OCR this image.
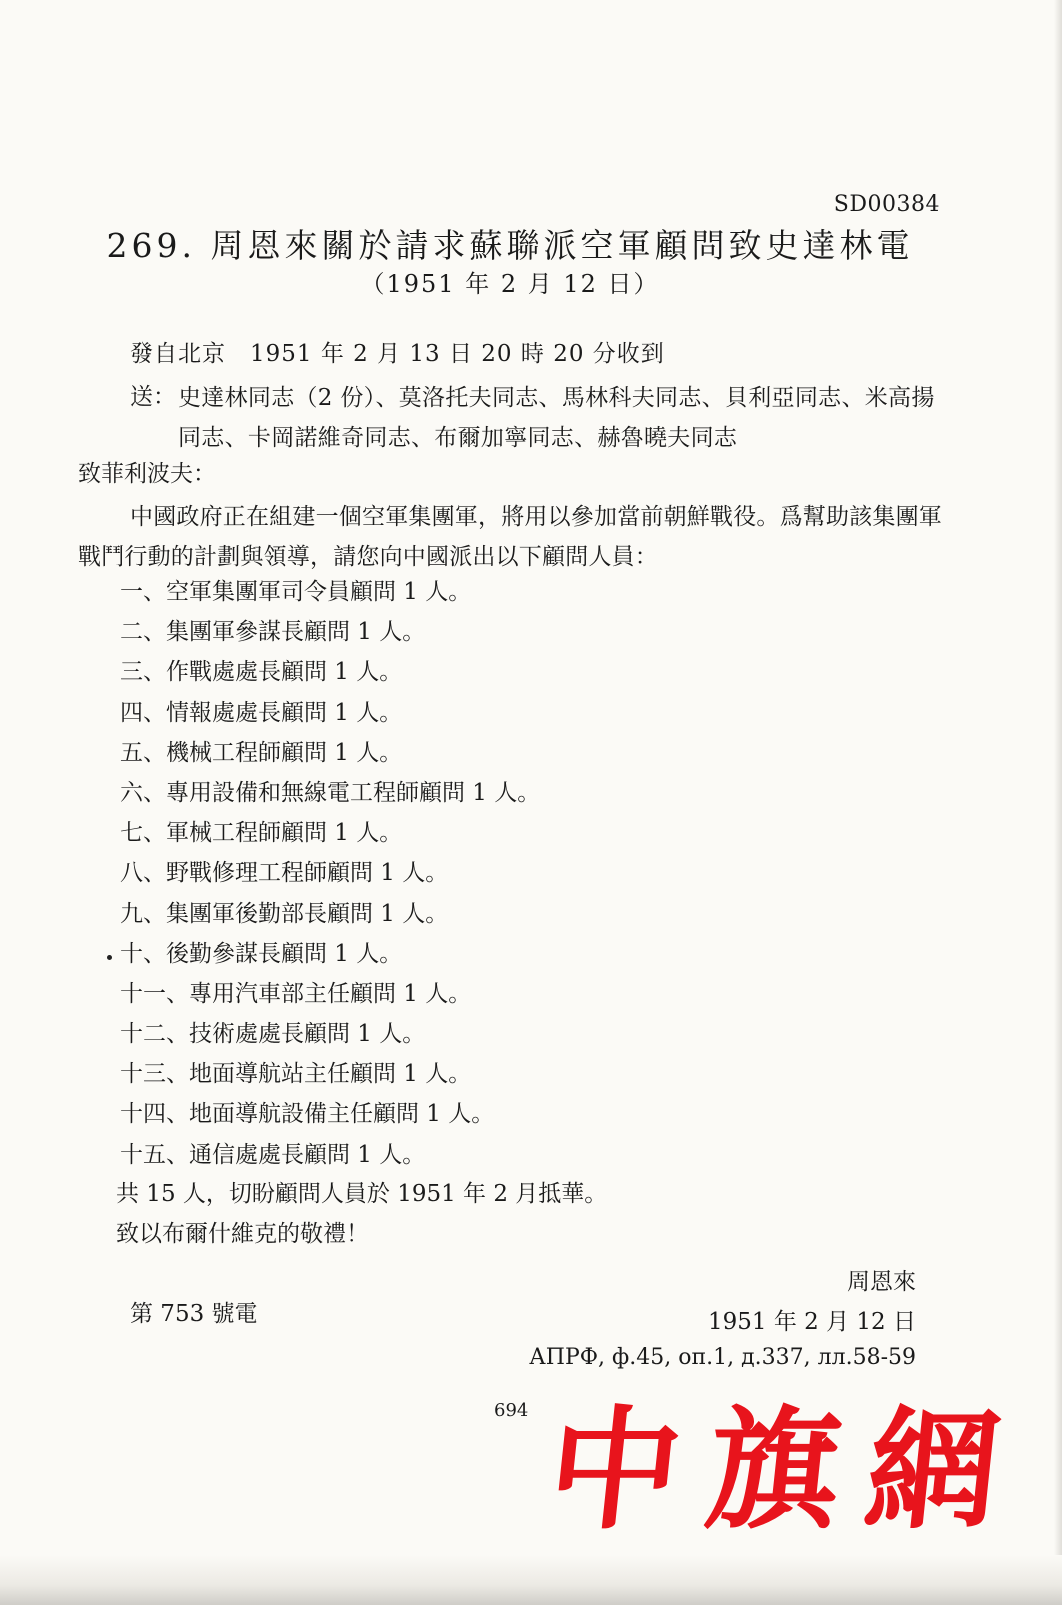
SD00384
269. 周恩來關於請求蘇聯派空軍顧問致史達林電
（1951 年 2 月 12 日）
發自北京　1951 年 2 月 13 日 20 時 20 分收到
送： 史達林同志（2 份）、莫洛托夫同志、馬林科夫同志、貝利亞同志、米高揚同志、卡岡諾維奇同志、布爾加寧同志、赫魯曉夫同志
致菲利波夫：
中國政府正在組建一個空軍集團軍，將用以參加當前朝鮮戰役。爲幫助該集團軍戰鬥行動的計劃與領導，請您向中國派出以下顧問人員：
一、空軍集團軍司令員顧問 1 人。
二、集團軍參謀長顧問 1 人。
三、作戰處處長顧問 1 人。
四、情報處處長顧問 1 人。
五、機械工程師顧問 1 人。
六、專用設備和無線電工程師顧問 1 人。
七、軍械工程師顧問 1 人。
八、野戰修理工程師顧問 1 人。
九、集團軍後勤部長顧問 1 人。
十、後勤參謀長顧問 1 人。
十一、專用汽車部主任顧問 1 人。
十二、技術處處長顧問 1 人。
十三、地面導航站主任顧問 1 人。
十四、地面導航設備主任顧問 1 人。
十五、通信處處長顧問 1 人。
共 15 人，切盼顧問人員於 1951 年 2 月抵華。
致以布爾什維克的敬禮！
周恩來
第 753 號電	1951 年 2 月 12 日
АПРФ, ф.45, оп.1, д.337, лл.58-59
694 中 旗 網
